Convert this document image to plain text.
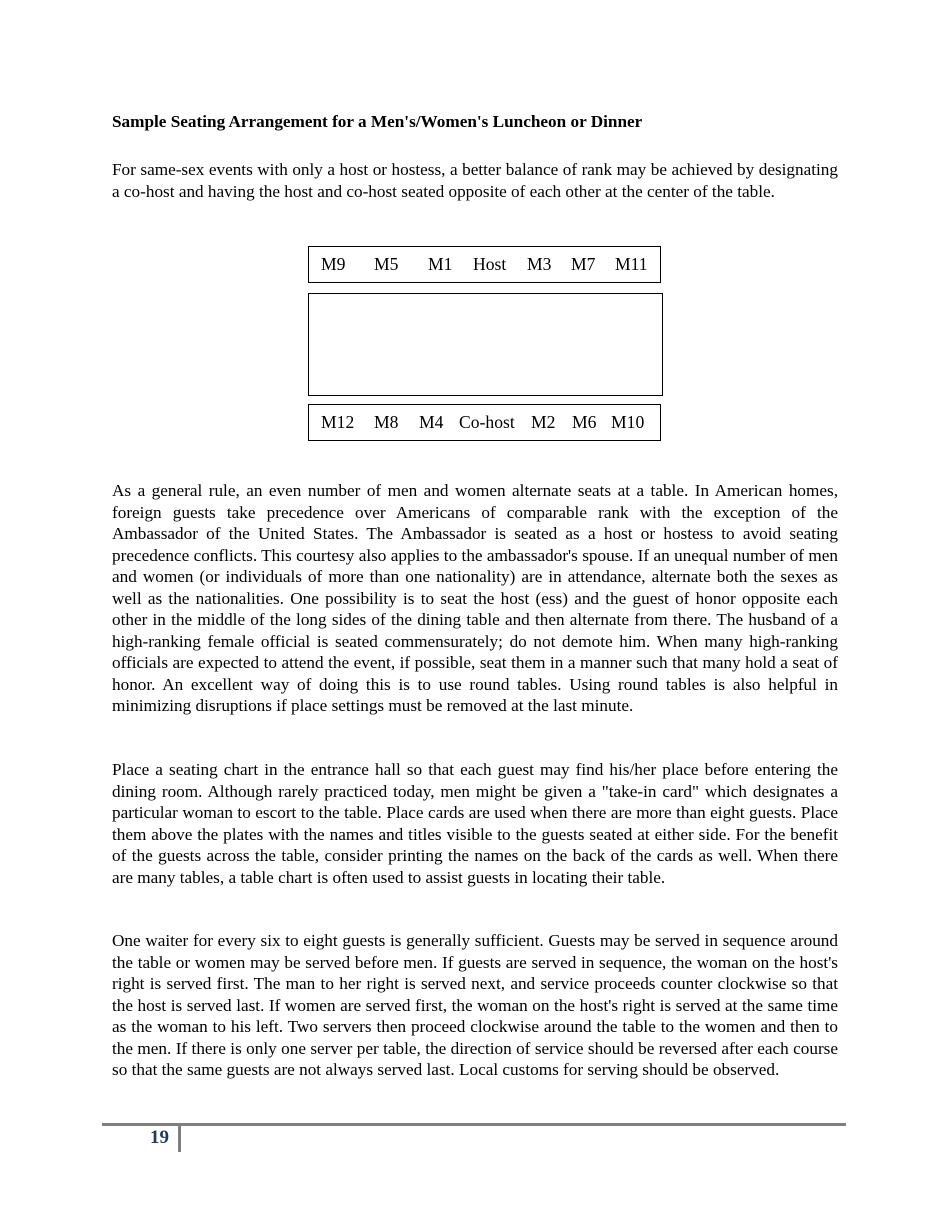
Sample Seating Arrangement for a Men's/Women's Luncheon or Dinner

For same-sex events with only a host or hostess, a better balance of rank may be achieved by designating a co-host and having the host and co-host seated opposite of each other at the center of the table.

M9 M5 M1 Host M3 M7 M11
M12 M8 M4 Co-host M2 M6 M10

As a general rule, an even number of men and women alternate seats at a table. In American homes, foreign guests take precedence over Americans of comparable rank with the exception of the Ambassador of the United States. The Ambassador is seated as a host or hostess to avoid seating precedence conflicts. This courtesy also applies to the ambassador's spouse. If an unequal number of men and women (or individuals of more than one nationality) are in attendance, alternate both the sexes as well as the nationalities. One possibility is to seat the host (ess) and the guest of honor opposite each other in the middle of the long sides of the dining table and then alternate from there. The husband of a high-ranking female official is seated commensurately; do not demote him. When many high-ranking officials are expected to attend the event, if possible, seat them in a manner such that many hold a seat of honor. An excellent way of doing this is to use round tables. Using round tables is also helpful in minimizing disruptions if place settings must be removed at the last minute.

Place a seating chart in the entrance hall so that each guest may find his/her place before entering the dining room. Although rarely practiced today, men might be given a "take-in card" which designates a particular woman to escort to the table. Place cards are used when there are more than eight guests. Place them above the plates with the names and titles visible to the guests seated at either side. For the benefit of the guests across the table, consider printing the names on the back of the cards as well. When there are many tables, a table chart is often used to assist guests in locating their table.

One waiter for every six to eight guests is generally sufficient. Guests may be served in sequence around the table or women may be served before men. If guests are served in sequence, the woman on the host's right is served first. The man to her right is served next, and service proceeds counter clockwise so that the host is served last. If women are served first, the woman on the host's right is served at the same time as the woman to his left. Two servers then proceed clockwise around the table to the women and then to the men. If there is only one server per table, the direction of service should be reversed after each course so that the same guests are not always served last. Local customs for serving should be observed.

19
